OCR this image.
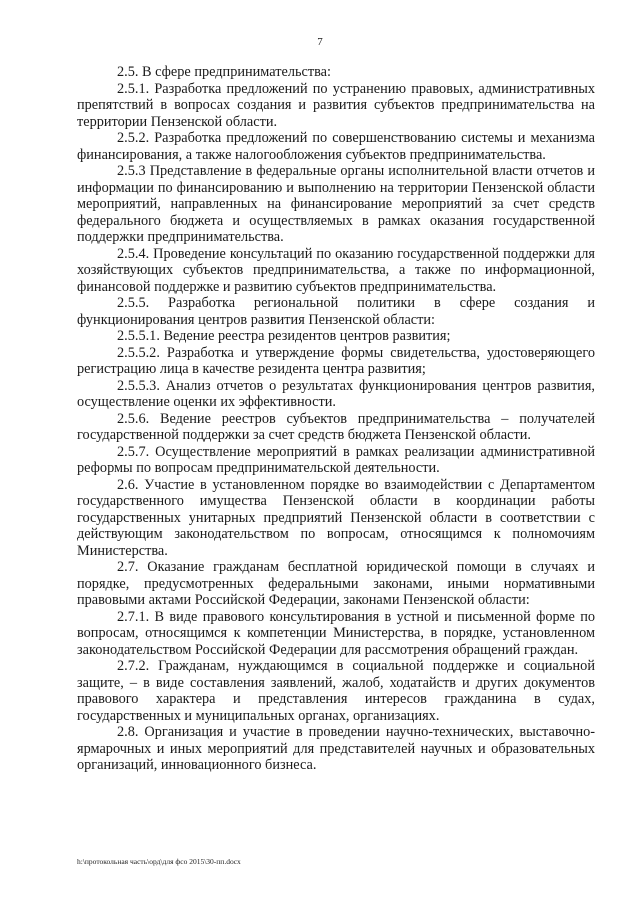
7

2.5. В сфере предпринимательства:

2.5.1. Разработка предложений по устранению правовых, административных препятствий в вопросах создания и развития субъектов предпринимательства на территории Пензенской области.

2.5.2. Разработка предложений по совершенствованию системы и механизма финансирования, а также налогообложения субъектов предпринимательства.

2.5.3 Представление в федеральные органы исполнительной власти отчетов и информации по финансированию и выполнению на территории Пензенской области мероприятий, направленных на финансирование мероприятий за счет средств федерального бюджета и осуществляемых в рамках оказания государственной поддержки предпринимательства.

2.5.4. Проведение консультаций по оказанию государственной поддержки для хозяйствующих субъектов предпринимательства, а также по информационной, финансовой поддержке и развитию субъектов предпринимательства.

2.5.5. Разработка региональной политики в сфере создания и функционирования центров развития Пензенской области:

2.5.5.1. Ведение реестра резидентов центров развития;

2.5.5.2. Разработка и утверждение формы свидетельства, удостоверяющего регистрацию лица в качестве резидента центра развития;

2.5.5.3. Анализ отчетов о результатах функционирования центров развития, осуществление оценки их эффективности.

2.5.6. Ведение реестров субъектов предпринимательства – получателей государственной поддержки за счет средств бюджета Пензенской области.

2.5.7. Осуществление мероприятий в рамках реализации административной реформы по вопросам предпринимательской деятельности.

2.6. Участие в установленном порядке во взаимодействии с Департаментом государственного имущества Пензенской области в координации работы государственных унитарных предприятий Пензенской области в соответствии с действующим законодательством по вопросам, относящимся к полномочиям Министерства.

2.7. Оказание гражданам бесплатной юридической помощи в случаях и порядке, предусмотренных федеральными законами, иными нормативными правовыми актами Российской Федерации, законами Пензенской области:

2.7.1. В виде правового консультирования в устной и письменной форме по вопросам, относящимся к компетенции Министерства, в порядке, установленном законодательством Российской Федерации для рассмотрения обращений граждан.

2.7.2. Гражданам, нуждающимся в социальной поддержке и социальной защите, – в виде составления заявлений, жалоб, ходатайств и других документов правового характера и представления интересов гражданина в судах, государственных и муниципальных органах, организациях.

2.8. Организация и участие в проведении научно-технических, выставочно-ярмарочных и иных мероприятий для представителей научных и образовательных организаций, инновационного бизнеса.

h:\протокольная часть\орд\для фсо 2015\30-пп.docx
